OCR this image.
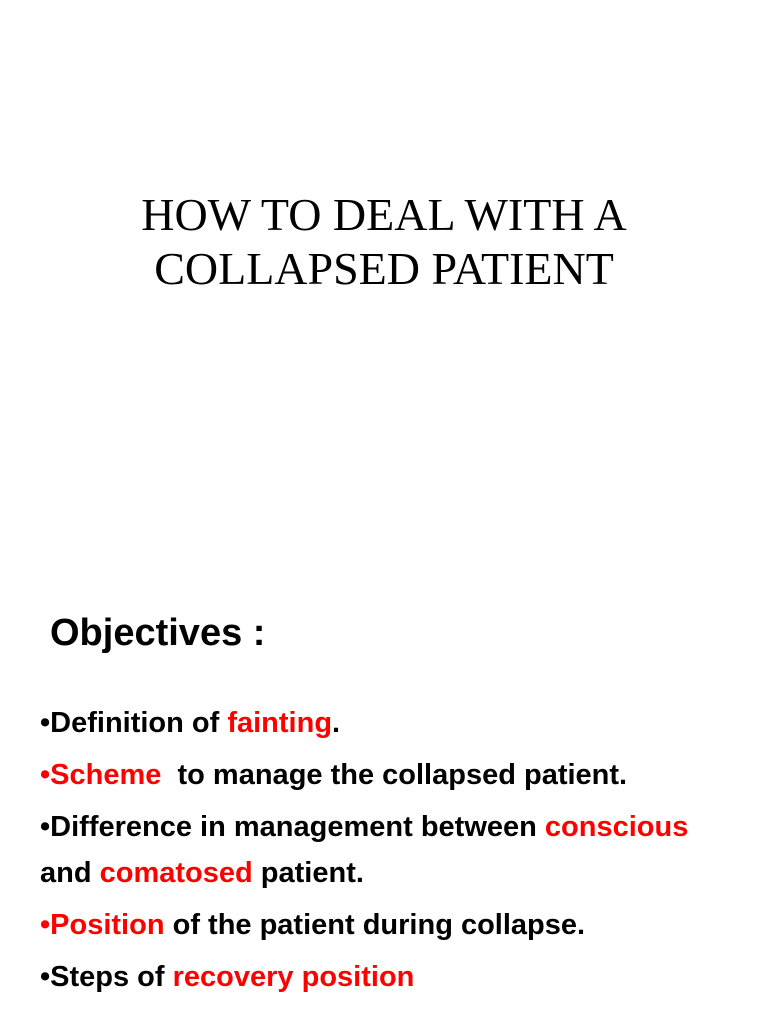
HOW TO DEAL WITH A
COLLAPSED PATIENT
Objectives :
•Definition of fainting.
•Scheme  to manage the collapsed patient.
•Difference in management between conscious and comatosed patient.
•Position of the patient during collapse.
•Steps of recovery position
